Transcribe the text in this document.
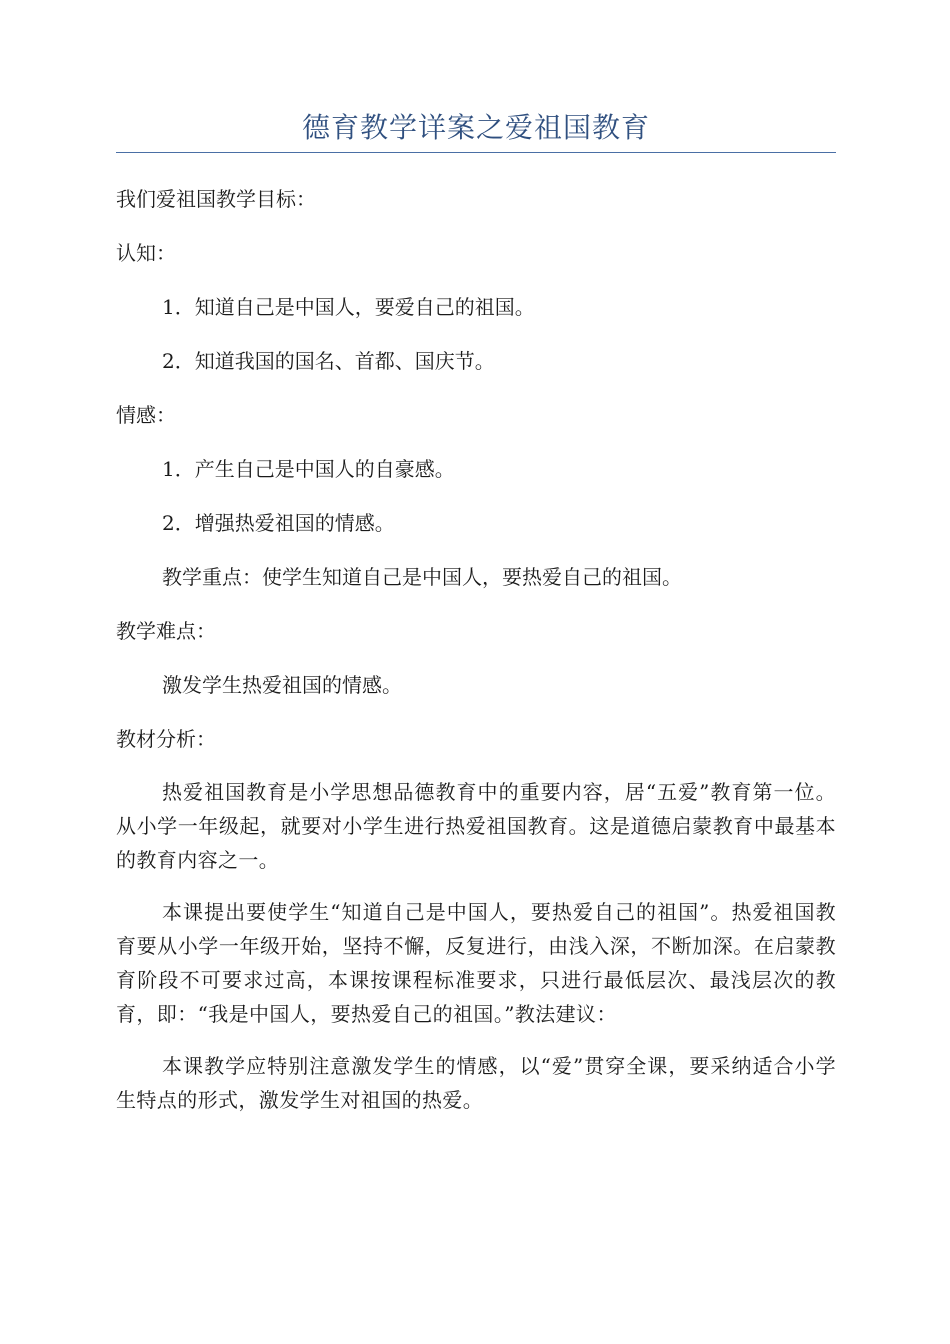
德育教学详案之爱祖国教育

我们爱祖国教学目标：

认知：

1．知道自己是中国人，要爱自己的祖国。

2．知道我国的国名、首都、国庆节。

情感：

1．产生自己是中国人的自豪感。

2．增强热爱祖国的情感。

教学重点：使学生知道自己是中国人，要热爱自己的祖国。

教学难点：

激发学生热爱祖国的情感。

教材分析：

热爱祖国教育是小学思想品德教育中的重要内容，居“五爱”教育第一位。从小学一年级起，就要对小学生进行热爱祖国教育。这是道德启蒙教育中最基本的教育内容之一。

本课提出要使学生“知道自己是中国人，要热爱自己的祖国”。热爱祖国教育要从小学一年级开始，坚持不懈，反复进行，由浅入深，不断加深。在启蒙教育阶段不可要求过高，本课按课程标准要求，只进行最低层次、最浅层次的教育，即：“我是中国人，要热爱自己的祖国。”教法建议：

本课教学应特别注意激发学生的情感，以“爱”贯穿全课，要采纳适合小学生特点的形式，激发学生对祖国的热爱。
